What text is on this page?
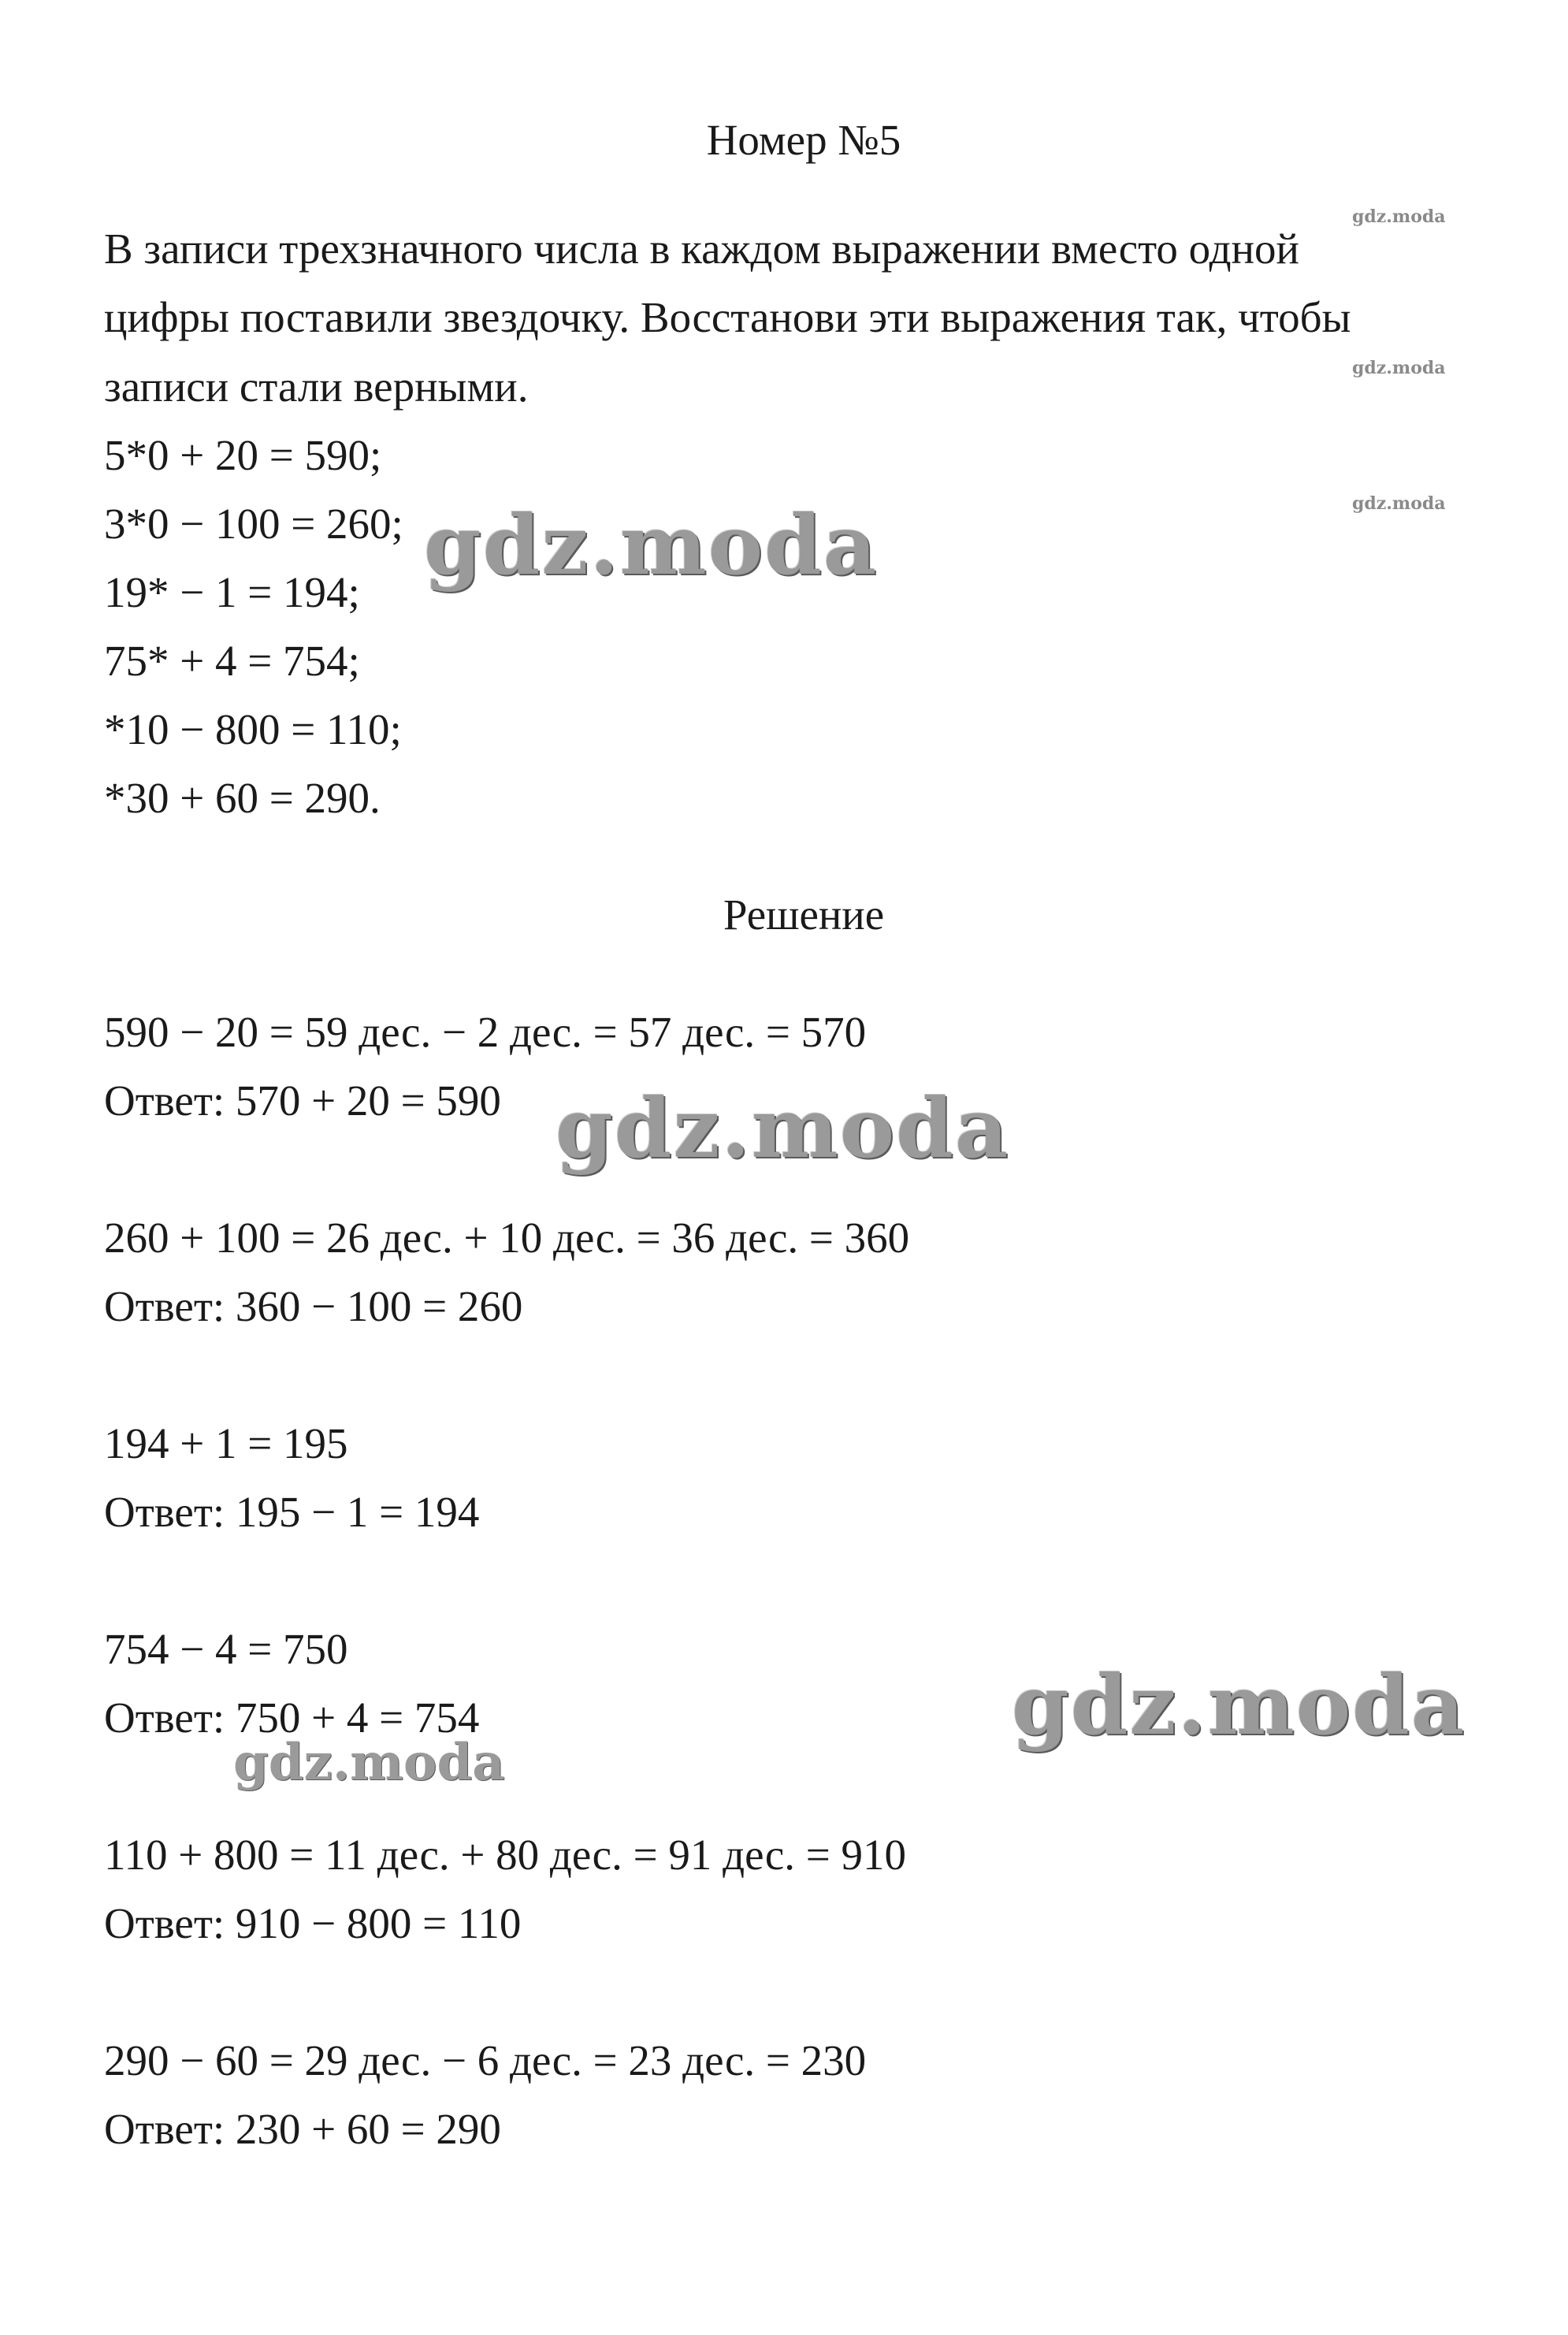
Номер №5
В записи трехзначного числа в каждом выражении вместо одной
цифры поставили звездочку. Восстанови эти выражения так, чтобы
записи стали верными.
5*0 + 20 = 590;
3*0 − 100 = 260;
19* − 1 = 194;
75* + 4 = 754;
*10 − 800 = 110;
*30 + 60 = 290.
Решение
590 − 20 = 59 дес. − 2 дес. = 57 дес. = 570
Ответ: 570 + 20 = 590
260 + 100 = 26 дес. + 10 дес. = 36 дес. = 360
Ответ: 360 − 100 = 260
194 + 1 = 195
Ответ: 195 − 1 = 194
754 − 4 = 750
Ответ: 750 + 4 = 754
110 + 800 = 11 дес. + 80 дес. = 91 дес. = 910
Ответ: 910 − 800 = 110
290 − 60 = 29 дес. − 6 дес. = 23 дес. = 230
Ответ: 230 + 60 = 290
gdz.moda
gdz.moda
gdz.moda
gdz.moda
gdz.moda
gdz.moda
gdz.moda
